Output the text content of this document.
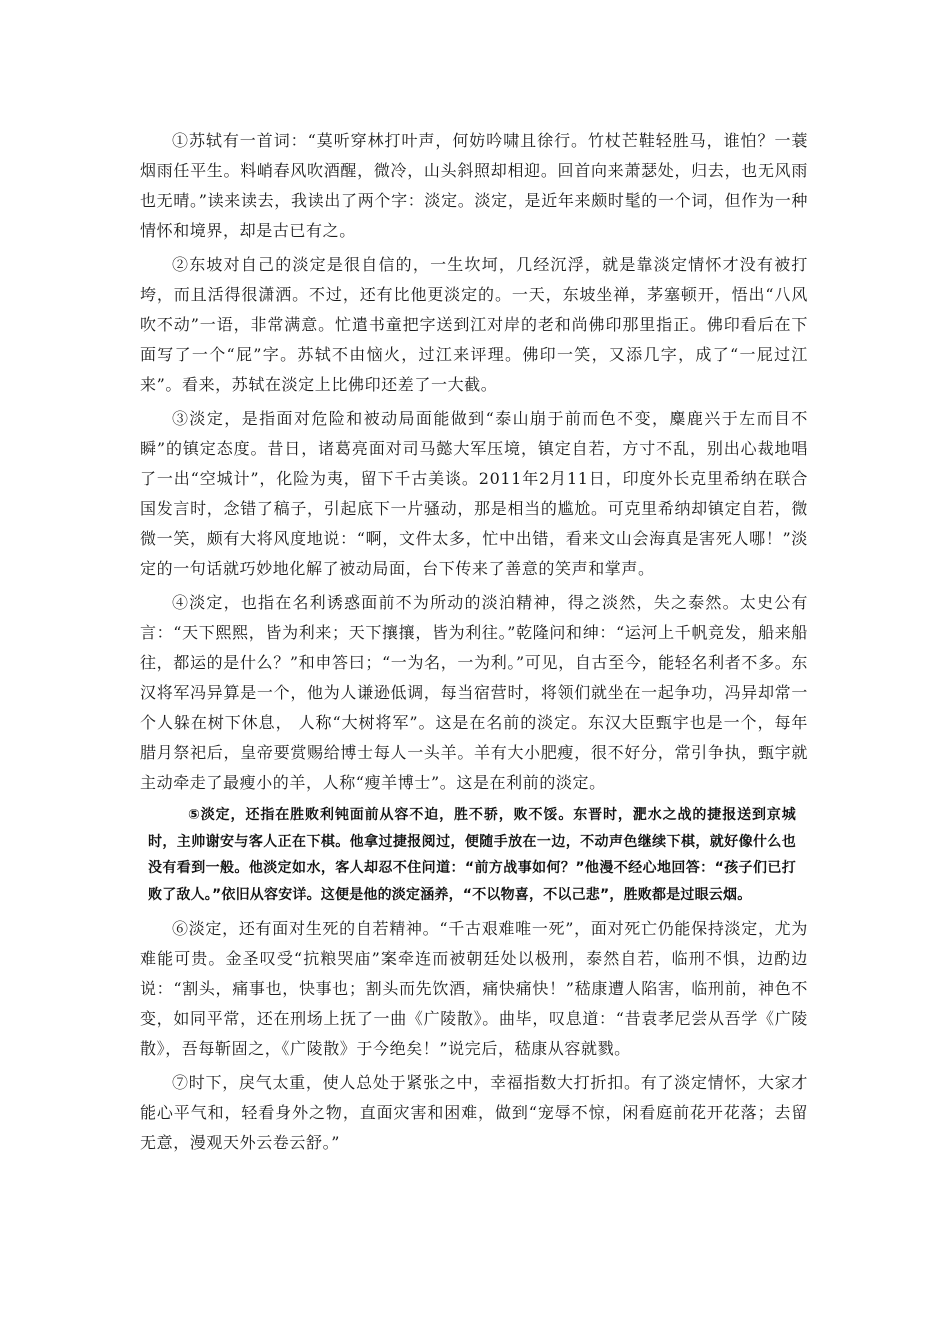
①苏轼有一首词：“莫听穿林打叶声，何妨吟啸且徐行。竹杖芒鞋轻胜马，谁怕？一蓑烟雨任平生。料峭春风吹酒醒，微冷，山头斜照却相迎。回首向来萧瑟处，归去，也无风雨也无晴。”读来读去，我读出了两个字：淡定。淡定，是近年来颇时髦的一个词，但作为一种情怀和境界，却是古已有之。

②东坡对自己的淡定是很自信的，一生坎坷，几经沉浮，就是靠淡定情怀才没有被打垮，而且活得很潇洒。不过，还有比他更淡定的。一天，东坡坐禅，茅塞顿开，悟出“八风吹不动”一语，非常满意。忙遣书童把字送到江对岸的老和尚佛印那里指正。佛印看后在下面写了一个“屁”字。苏轼不由恼火，过江来评理。佛印一笑，又添几字，成了“一屁过江来”。看来，苏轼在淡定上比佛印还差了一大截。

③淡定，是指面对危险和被动局面能做到“泰山崩于前而色不变，麋鹿兴于左而目不瞬”的镇定态度。昔日，诸葛亮面对司马懿大军压境，镇定自若，方寸不乱，别出心裁地唱了一出“空城计”，化险为夷，留下千古美谈。2011年2月11日，印度外长克里希纳在联合国发言时，念错了稿子，引起底下一片骚动，那是相当的尴尬。可克里希纳却镇定自若，微微一笑，颇有大将风度地说：“啊，文件太多，忙中出错，看来文山会海真是害死人哪！”淡定的一句话就巧妙地化解了被动局面，台下传来了善意的笑声和掌声。

④淡定，也指在名利诱惑面前不为所动的淡泊精神，得之淡然，失之泰然。太史公有言：“天下熙熙，皆为利来；天下攘攘，皆为利往。”乾隆问和绅：“运河上千帆竞发，船来船往，都运的是什么？”和申答曰；“一为名，一为利。”可见，自古至今，能轻名利者不多。东汉将军冯异算是一个，他为人谦逊低调，每当宿营时，将领们就坐在一起争功，冯异却常一个人躲在树下休息， 人称“大树将军”。这是在名前的淡定。东汉大臣甄宇也是一个，每年腊月祭祀后，皇帝要赏赐给博士每人一头羊。羊有大小肥瘦，很不好分，常引争执，甄宇就主动牵走了最瘦小的羊，人称“瘦羊博士”。这是在利前的淡定。

⑤淡定，还指在胜败利钝面前从容不迫，胜不骄，败不馁。东晋时，淝水之战的捷报送到京城时，主帅谢安与客人正在下棋。他拿过捷报阅过，便随手放在一边，不动声色继续下棋，就好像什么也没有看到一般。他淡定如水，客人却忍不住问道：“前方战事如何？”他漫不经心地回答：“孩子们已打败了敌人。”依旧从容安详。这便是他的淡定涵养，“不以物喜，不以己悲”，胜败都是过眼云烟。

⑥淡定，还有面对生死的自若精神。“千古艰难唯一死”，面对死亡仍能保持淡定，尤为难能可贵。金圣叹受“抗粮哭庙”案牵连而被朝廷处以极刑，泰然自若，临刑不惧，边酌边说：“割头，痛事也，快事也；割头而先饮酒，痛快痛快！”嵇康遭人陷害，临刑前，神色不变，如同平常，还在刑场上抚了一曲《广陵散》。曲毕，叹息道：“昔袁孝尼尝从吾学《广陵散》，吾每靳固之，《广陵散》于今绝矣！”说完后，嵇康从容就戮。

⑦时下，戾气太重，使人总处于紧张之中，幸福指数大打折扣。有了淡定情怀，大家才能心平气和，轻看身外之物，直面灾害和困难，做到“宠辱不惊，闲看庭前花开花落；去留无意，漫观天外云卷云舒。”
